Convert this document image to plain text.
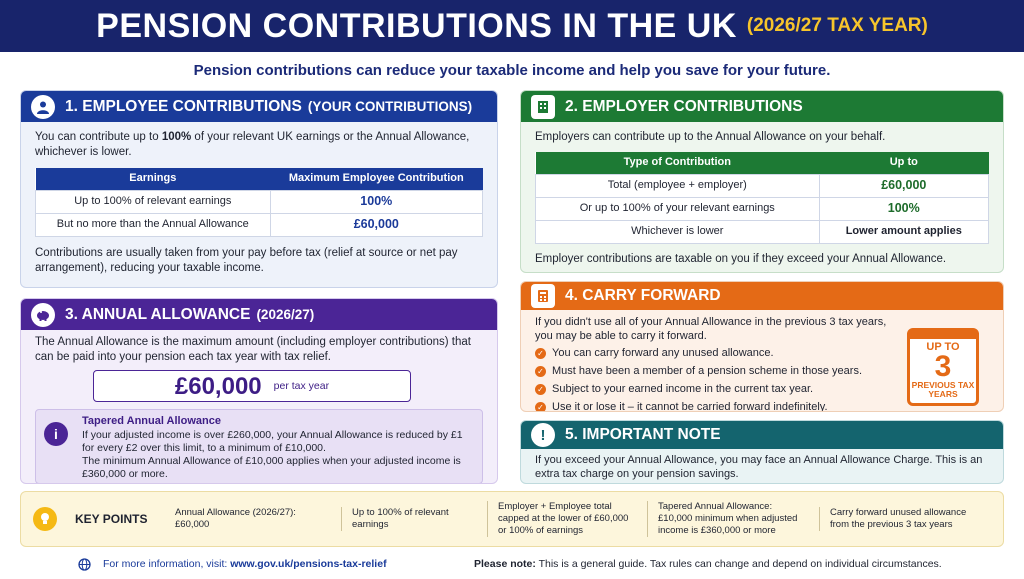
PENSION CONTRIBUTIONS IN THE UK (2026/27 TAX YEAR)
Pension contributions can reduce your taxable income and help you save for your future.
1. EMPLOYEE CONTRIBUTIONS (YOUR CONTRIBUTIONS)

You can contribute up to 100% of your relevant UK earnings or the Annual Allowance, whichever is lower.

Earnings	Maximum Employee Contribution
Up to 100% of relevant earnings	100%
But no more than the Annual Allowance	£60,000

Contributions are usually taken from your pay before tax (relief at source or net pay arrangement), reducing your taxable income.

2. EMPLOYER CONTRIBUTIONS

Employers can contribute up to the Annual Allowance on your behalf.

Type of Contribution	Up to
Total (employee + employer)	£60,000
Or up to 100% of your relevant earnings	100%
Whichever is lower	Lower amount applies

Employer contributions are taxable on you if they exceed your Annual Allowance.

3. ANNUAL ALLOWANCE (2026/27)

The Annual Allowance is the maximum amount (including employer contributions) that can be paid into your pension each tax year with tax relief.

£60,000 per tax year
i
Tapered Annual Allowance
If your adjusted income is over £260,000, your Annual Allowance is reduced by £1 for every £2 over this limit, to a minimum of £10,000.
The minimum Annual Allowance of £10,000 applies when your adjusted income is £360,000 or more.
4. CARRY FORWARD

If you didn't use all of your Annual Allowance in the previous 3 tax years, you may be able to carry it forward.

✓ You can carry forward any unused allowance.
✓ Must have been a member of a pension scheme in those years.
✓ Subject to your earned income in the current tax year.
✓ Use it or lose it – it cannot be carried forward indefinitely.
UP TO
3
PREVIOUS TAX YEARS
!	5. IMPORTANT NOTE

If you exceed your Annual Allowance, you may face an Annual Allowance Charge. This is an extra tax charge on your pension savings.

KEY POINTS	Annual Allowance (2026/27): £60,000
Up to 100% of relevant earnings
Employer + Employee total capped at the lower of £60,000 or 100% of earnings
Tapered Annual Allowance: £10,000 minimum when adjusted income is £360,000 or more
Carry forward unused allowance from the previous 3 tax years
For more information, visit: www.gov.uk/pensions-tax-relief	Please note: This is a general guide. Tax rules can change and depend on individual circumstances.
